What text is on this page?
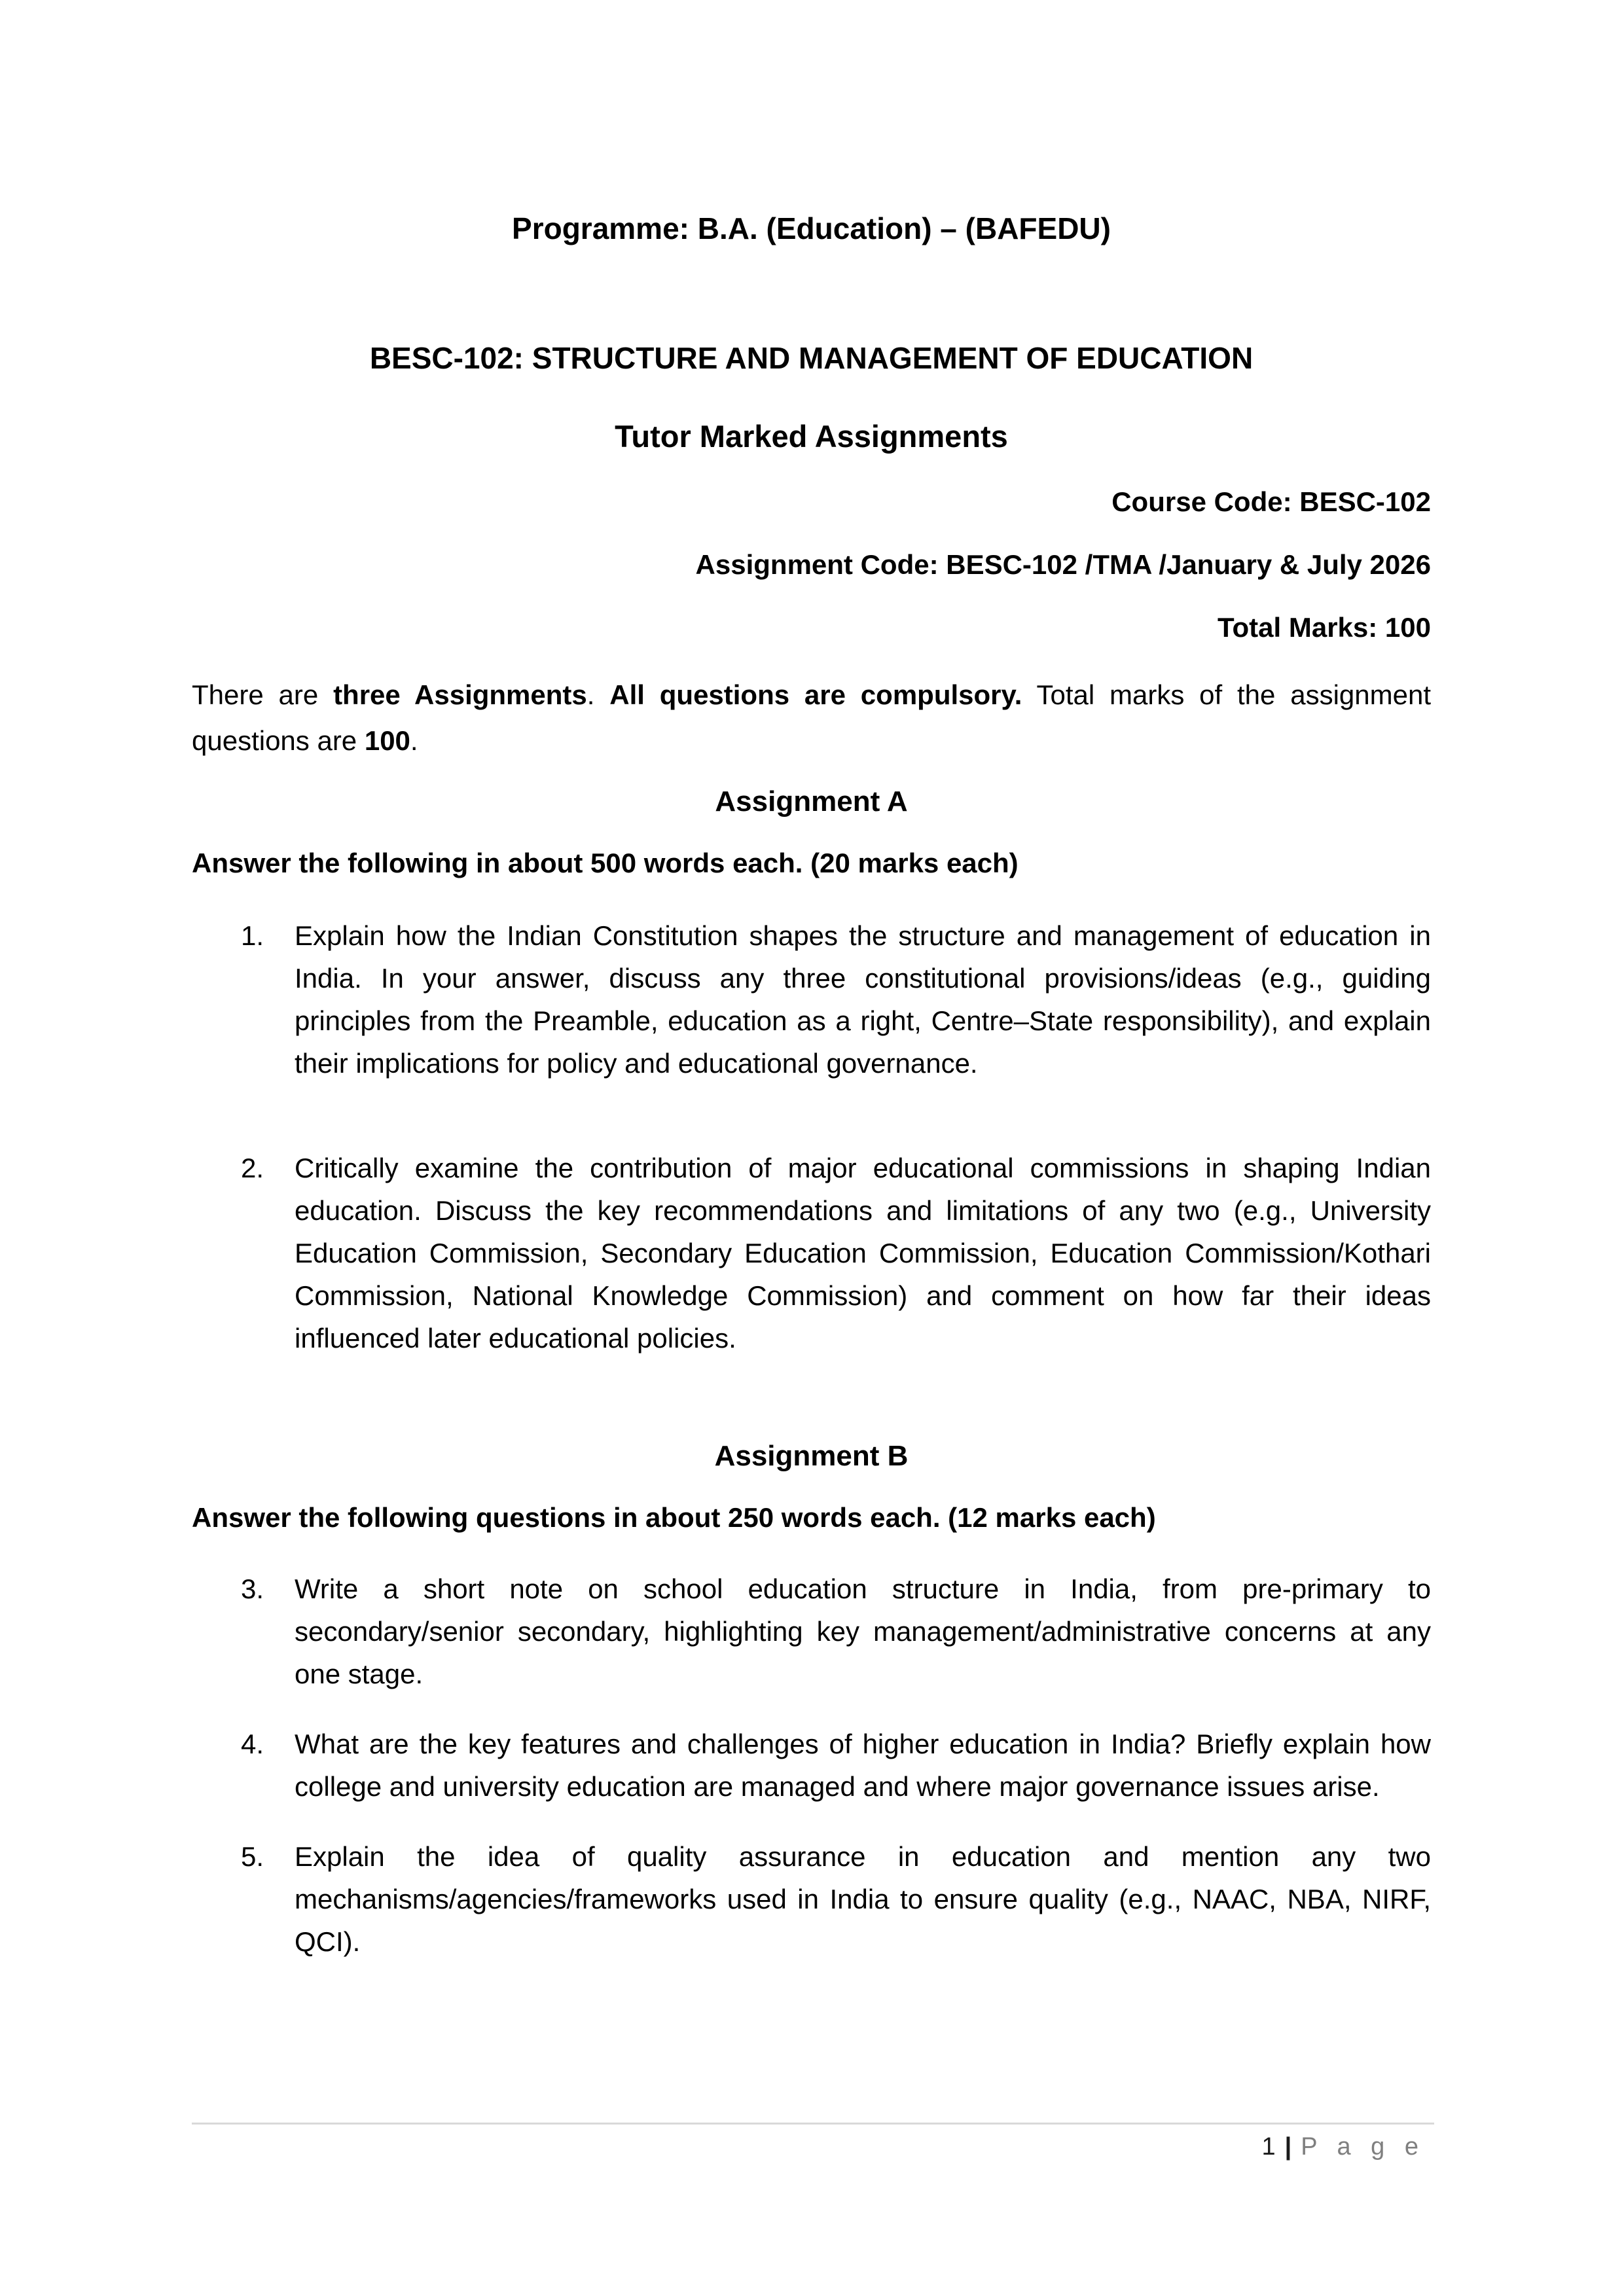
Programme: B.A. (Education) – (BAFEDU)
BESC-102: STRUCTURE AND MANAGEMENT OF EDUCATION
Tutor Marked Assignments

Course Code: BESC-102

Assignment Code: BESC-102 /TMA /January & July 2026

Total Marks: 100

There are three Assignments. All questions are compulsory. Total marks of the assignment questions are 100.

Assignment A

Answer the following in about 500 words each. (20 marks each)

1. Explain how the Indian Constitution shapes the structure and management of education in India. In your answer, discuss any three constitutional provisions/ideas (e.g., guiding principles from the Preamble, education as a right, Centre–State responsibility), and explain their implications for policy and educational governance.
2. Critically examine the contribution of major educational commissions in shaping Indian education. Discuss the key recommendations and limitations of any two (e.g., University Education Commission, Secondary Education Commission, Education Commission/Kothari Commission, National Knowledge Commission) and comment on how far their ideas influenced later educational policies.
Assignment B

Answer the following questions in about 250 words each. (12 marks each)

3. Write a short note on school education structure in India, from pre-primary to secondary/senior secondary, highlighting key management/administrative concerns at any one stage.
4. What are the key features and challenges of higher education in India? Briefly explain how college and university education are managed and where major governance issues arise.
5. Explain the idea of quality assurance in education and mention any two mechanisms/agencies/frameworks used in India to ensure quality (e.g., NAAC, NBA, NIRF, QCI).
1 | P a g e
